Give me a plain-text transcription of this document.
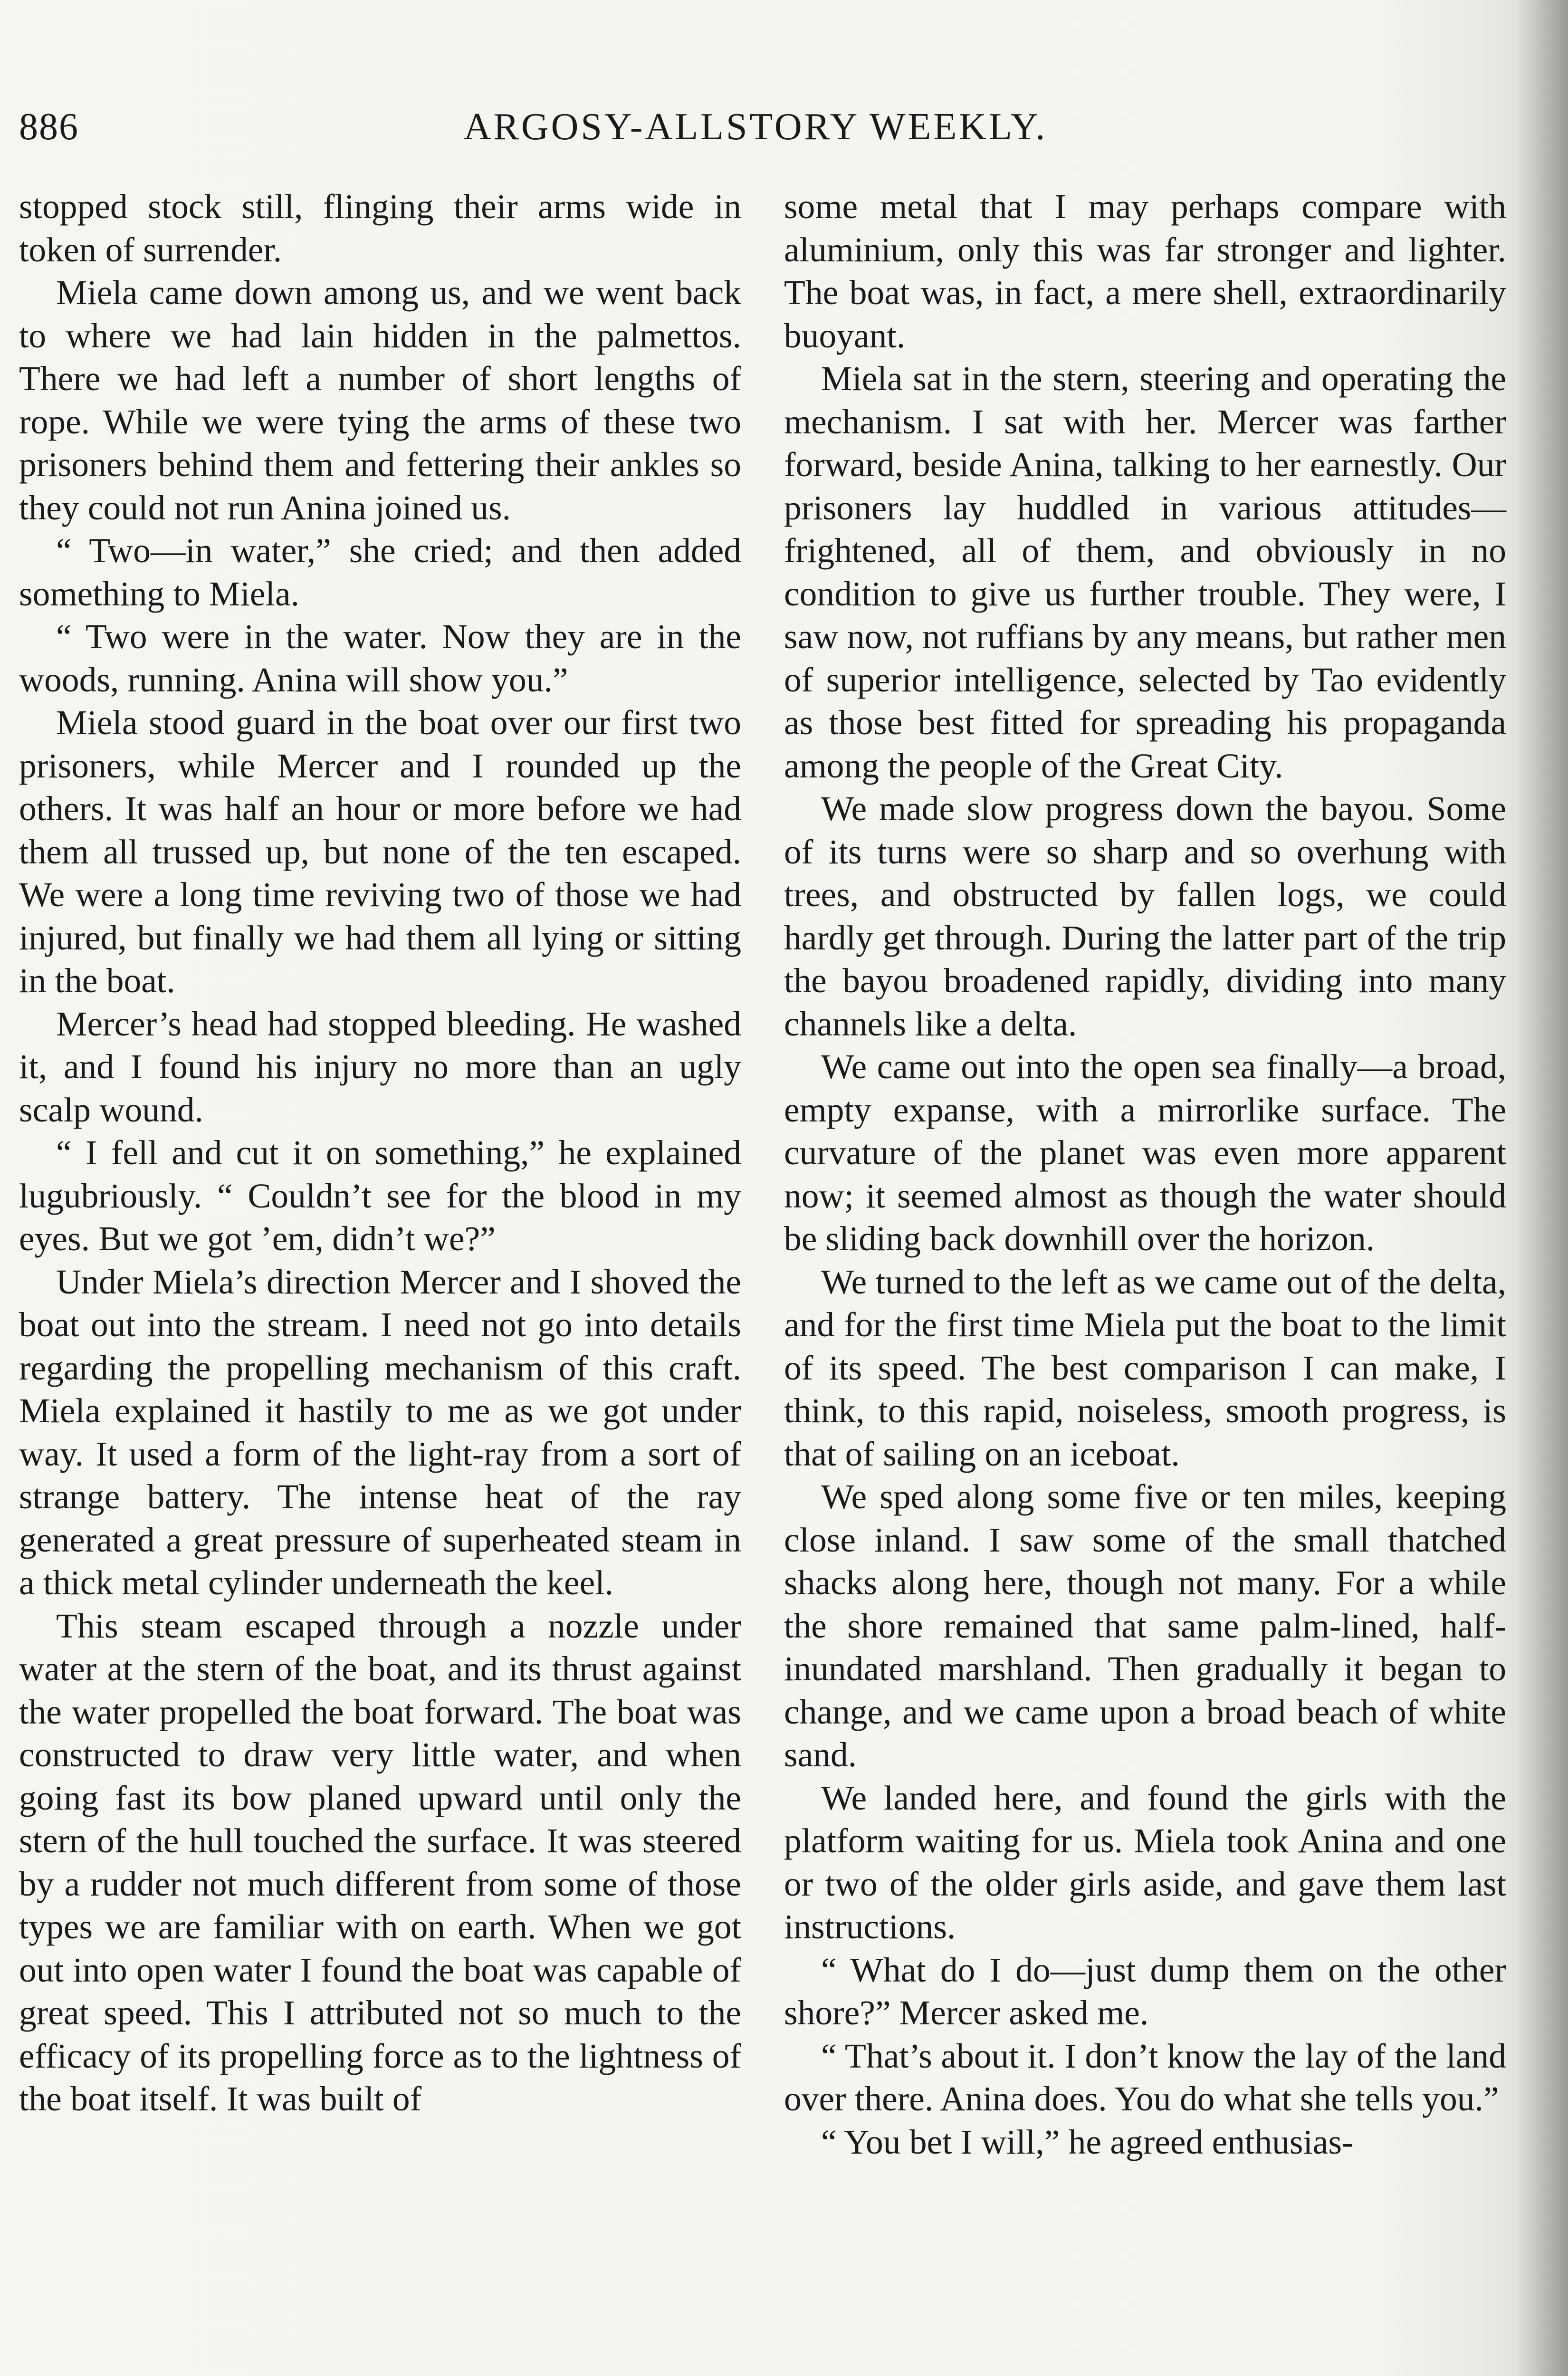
886	ARGOSY-ALLSTORY WEEKLY.

stopped stock still, flinging their arms wide in token of surrender.

Miela came down among us, and we went back to where we had lain hidden in the palmettos. There we had left a number of short lengths of rope. While we were tying the arms of these two prisoners behind them and fettering their ankles so they could not run Anina joined us.

“ Two—in water,” she cried; and then added something to Miela.

“ Two were in the water. Now they are in the woods, running. Anina will show you.”

Miela stood guard in the boat over our first two prisoners, while Mercer and I rounded up the others. It was half an hour or more before we had them all trussed up, but none of the ten escaped. We were a long time reviving two of those we had injured, but finally we had them all lying or sitting in the boat.

Mercer’s head had stopped bleeding. He washed it, and I found his injury no more than an ugly scalp wound.

“ I fell and cut it on something,” he explained lugubriously. “ Couldn’t see for the blood in my eyes. But we got ’em, didn’t we?”

Under Miela’s direction Mercer and I shoved the boat out into the stream. I need not go into details regarding the propelling mechanism of this craft. Miela explained it hastily to me as we got under way. It used a form of the light-ray from a sort of strange battery. The intense heat of the ray generated a great pressure of superheated steam in a thick metal cylinder underneath the keel.

This steam escaped through a nozzle under water at the stern of the boat, and its thrust against the water propelled the boat forward. The boat was constructed to draw very little water, and when going fast its bow planed upward until only the stern of the hull touched the surface. It was steered by a rudder not much different from some of those types we are familiar with on earth. When we got out into open water I found the boat was capable of great speed. This I attributed not so much to the efficacy of its propelling force as to the lightness of the boat itself. It was built of

some metal that I may perhaps compare with aluminium, only this was far stronger and lighter. The boat was, in fact, a mere shell, extraordinarily buoyant.

Miela sat in the stern, steering and operating the mechanism. I sat with her. Mercer was farther forward, beside Anina, talking to her earnestly. Our prisoners lay huddled in various attitudes—frightened, all of them, and obviously in no condition to give us further trouble. They were, I saw now, not ruffians by any means, but rather men of superior intelligence, selected by Tao evidently as those best fitted for spreading his propaganda among the people of the Great City.

We made slow progress down the bayou. Some of its turns were so sharp and so overhung with trees, and obstructed by fallen logs, we could hardly get through. During the latter part of the trip the bayou broadened rapidly, dividing into many channels like a delta.

We came out into the open sea finally—a broad, empty expanse, with a mirrorlike surface. The curvature of the planet was even more apparent now; it seemed almost as though the water should be sliding back downhill over the horizon.

We turned to the left as we came out of the delta, and for the first time Miela put the boat to the limit of its speed. The best comparison I can make, I think, to this rapid, noiseless, smooth progress, is that of sailing on an iceboat.

We sped along some five or ten miles, keeping close inland. I saw some of the small thatched shacks along here, though not many. For a while the shore remained that same palm-lined, half-inundated marshland. Then gradually it began to change, and we came upon a broad beach of white sand.

We landed here, and found the girls with the platform waiting for us. Miela took Anina and one or two of the older girls aside, and gave them last instructions.

“ What do I do—just dump them on the other shore?” Mercer asked me.

“ That’s about it. I don’t know the lay of the land over there. Anina does. You do what she tells you.”

“ You bet I will,” he agreed enthusias-
